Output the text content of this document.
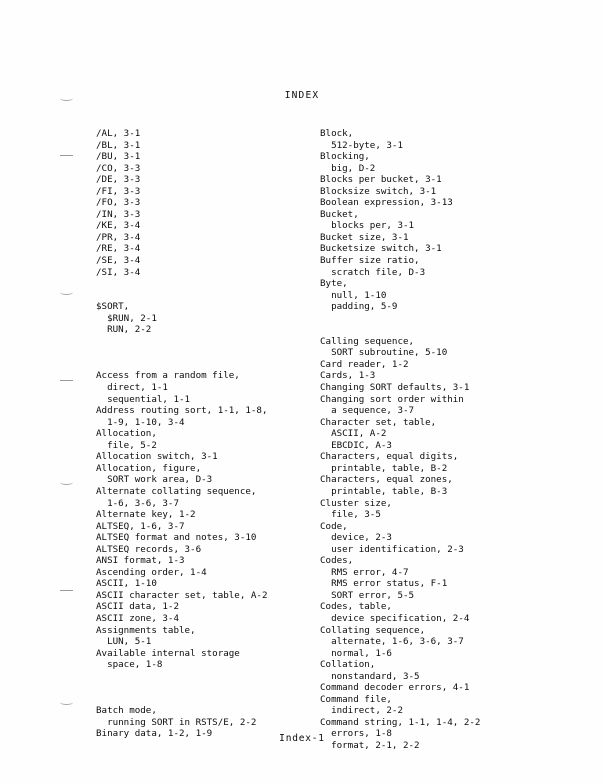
INDEX
/AL, 3-1
/BL, 3-1
/BU, 3-1
/CO, 3-3
/DE, 3-3
/FI, 3-3
/FO, 3-3
/IN, 3-3
/KE, 3-4
/PR, 3-4
/RE, 3-4
/SE, 3-4
/SI, 3-4
$SORT,
$RUN, 2-1
RUN, 2-2
Access from a random file,
direct, 1-1
sequential, 1-1
Address routing sort, 1-1, 1-8,
1-9, 1-10, 3-4
Allocation,
file, 5-2
Allocation switch, 3-1
Allocation, figure,
SORT work area, D-3
Alternate collating sequence,
1-6, 3-6, 3-7
Alternate key, 1-2
ALTSEQ, 1-6, 3-7
ALTSEQ format and notes, 3-10
ALTSEQ records, 3-6
ANSI format, 1-3
Ascending order, 1-4
ASCII, 1-10
ASCII character set, table, A-2
ASCII data, 1-2
ASCII zone, 3-4
Assignments table,
LUN, 5-1
Available internal storage
space, 1-8
Batch mode,
running SORT in RSTS/E, 2-2
Binary data, 1-2, 1-9
Block,
512-byte, 3-1
Blocking,
big, D-2
Blocks per bucket, 3-1
Blocksize switch, 3-1
Boolean expression, 3-13
Bucket,
blocks per, 3-1
Bucket size, 3-1
Bucketsize switch, 3-1
Buffer size ratio,
scratch file, D-3
Byte,
null, 1-10
padding, 5-9
Calling sequence,
SORT subroutine, 5-10
Card reader, 1-2
Cards, 1-3
Changing SORT defaults, 3-1
Changing sort order within
a sequence, 3-7
Character set, table,
ASCII, A-2
EBCDIC, A-3
Characters, equal digits,
printable, table, B-2
Characters, equal zones,
printable, table, B-3
Cluster size,
file, 3-5
Code,
device, 2-3
user identification, 2-3
Codes,
RMS error, 4-7
RMS error status, F-1
SORT error, 5-5
Codes, table,
device specification, 2-4
Collating sequence,
alternate, 1-6, 3-6, 3-7
normal, 1-6
Collation,
nonstandard, 3-5
Command decoder errors, 4-1
Command file,
indirect, 2-2
Command string, 1-1, 1-4, 2-2
errors, 1-8
format, 2-1, 2-2
Index-1
